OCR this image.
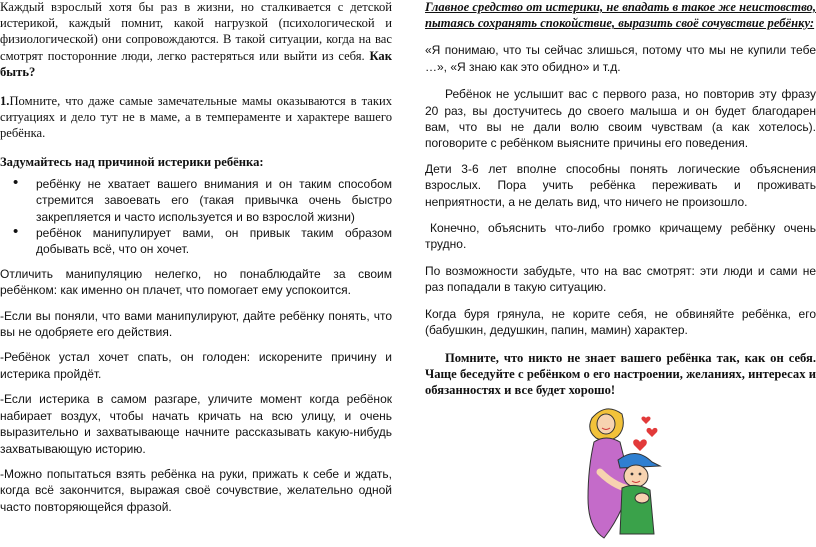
Каждый взрослый хотя бы раз в жизни, но сталкивается с детской истерикой, каждый помнит, какой нагрузкой (психологической и физиологической) они сопровождаются. В такой ситуации, когда на вас смотрят посторонние люди, легко растеряться или выйти из себя. Как быть?

1.Помните, что даже самые замечательные мамы оказываются в таких ситуациях и дело тут не в маме, а в темпераменте и характере вашего ребёнка.

Задумайтесь над причиной истерики ребёнка:

• ребёнку не хватает вашего внимания и он таким способом стремится завоевать его (такая привычка очень быстро закрепляется и часто используется и во взрослой жизни)
• ребёнок манипулирует вами, он привык таким образом добывать всё, что он хочет.

Отличить манипуляцию нелегко, но понаблюдайте за своим ребёнком: как именно он плачет, что помогает ему успокоится.

-Если вы поняли, что вами манипулируют, дайте ребёнку понять, что вы не одобряете его действия.

-Ребёнок устал хочет спать, он голоден: искорените причину и истерика пройдёт.

-Если истерика в самом разгаре, уличите момент когда ребёнок набирает воздух, чтобы начать кричать на всю улицу, и очень выразительно и захватывающе начните рассказывать какую-нибудь захватывающую историю.

-Можно попытаться взять ребёнка на руки, прижать к себе и ждать, когда всё закончится, выражая своё сочувствие, желательно одной часто повторяющейся фразой.

Главное средство от истерики, не впадать в такое же неистовство, пытаясь сохранять спокойствие, выразить своё сочувствие ребёнку:

«Я понимаю, что ты сейчас злишься, потому что мы не купили тебе …», «Я знаю как это обидно» и т.д.

Ребёнок не услышит вас с первого раза, но повторив эту фразу 20 раз, вы достучитесь до своего малыша и он будет благодарен вам, что вы не дали волю своим чувствам (а как хотелось). поговорите с ребёнком выясните причины его поведения.

Дети 3-6 лет вполне способны понять логические объяснения взрослых. Пора учить ребёнка переживать и проживать неприятности, а не делать вид, что ничего не произошло.

Конечно, объяснить что-либо громко кричащему ребёнку очень трудно.

По возможности забудьте, что на вас смотрят: эти люди и сами не раз попадали в такую ситуацию.

Когда буря грянула, не корите себя, не обвиняйте ребёнка, его (бабушкин, дедушкин, папин, мамин) характер.

Помните, что никто не знает вашего ребёнка так, как он себя. Чаще беседуйте с ребёнком о его настроении, желаниях, интересах и обязанностях и все будет хорошо!
